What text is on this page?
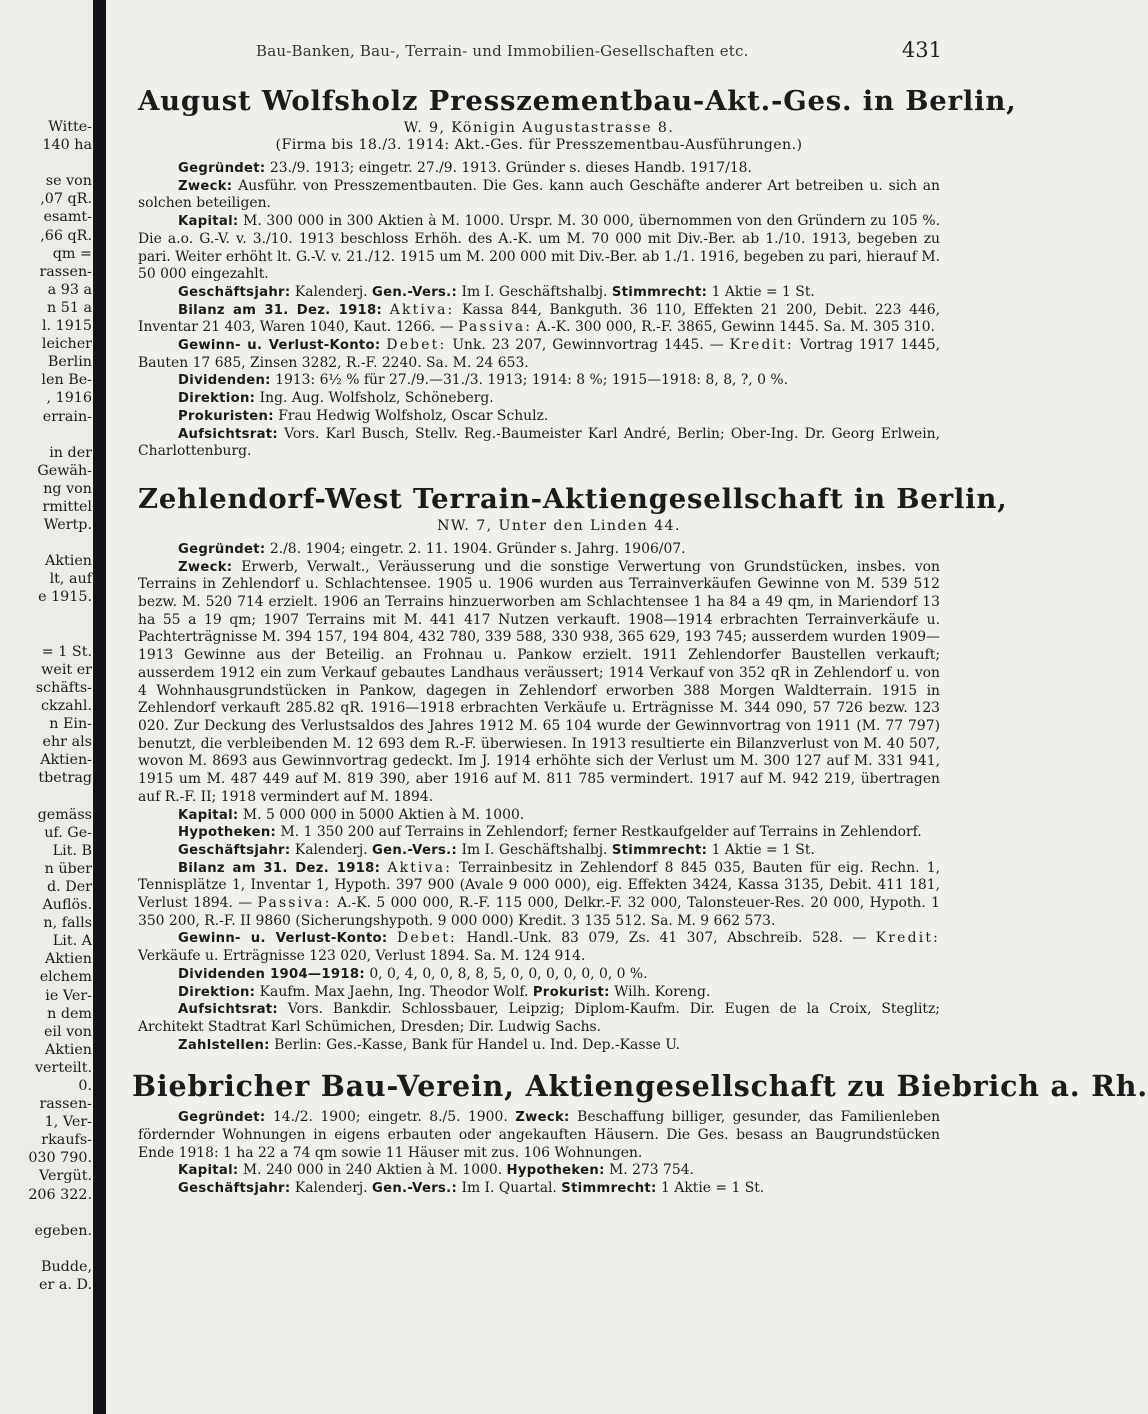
Witte-
140 ha
se von
,07 qR.
esamt-
,66 qR.
qm =
rassen-
a 93 a
n 51 a
l. 1915
leicher
Berlin
len Be-
, 1916
errain-
in der
Gewäh-
ng von
rmittel
Wertp.
Aktien
lt, auf
e 1915.
= 1 St.
weit er
schäfts-
ckzahl.
n Ein-
ehr als
Aktien-
tbetrag
gemäss
uf. Ge-
Lit. B
n über
d. Der
Auflös.
n, falls
Lit. A
Aktien
elchem
ie Ver-
n dem
eil von
Aktien
verteilt.
0.
rassen-
1, Ver-
rkaufs-
030 790.
Vergüt.
206 322.
egeben.
Budde,
er a. D.
Bau-Banken, Bau-, Terrain- und Immobilien-Gesellschaften etc.	431
August Wolfsholz Presszementbau-Akt.-Ges. in Berlin,

W. 9, Königin Augustastrasse 8.

(Firma bis 18./3. 1914: Akt.-Ges. für Presszementbau-Ausführungen.)

Gegründet: 23./9. 1913; eingetr. 27./9. 1913. Gründer s. dieses Handb. 1917/18.

Zweck: Ausführ. von Presszementbauten. Die Ges. kann auch Geschäfte anderer Art betreiben u. sich an solchen beteiligen.

Kapital: M. 300 000 in 300 Aktien à M. 1000. Urspr. M. 30 000, übernommen von den Gründern zu 105 %. Die a.o. G.-V. v. 3./10. 1913 beschloss Erhöh. des A.-K. um M. 70 000 mit Div.-Ber. ab 1./10. 1913, begeben zu pari. Weiter erhöht lt. G.-V. v. 21./12. 1915 um M. 200 000 mit Div.-Ber. ab 1./1. 1916, begeben zu pari, hierauf M. 50 000 eingezahlt.

Geschäftsjahr: Kalenderj. Gen.-Vers.: Im I. Geschäftshalbj. Stimmrecht: 1 Aktie = 1 St.

Bilanz am 31. Dez. 1918: Aktiva: Kassa 844, Bankguth. 36 110, Effekten 21 200, Debit. 223 446, Inventar 21 403, Waren 1040, Kaut. 1266. — Passiva: A.-K. 300 000, R.-F. 3865, Gewinn 1445. Sa. M. 305 310.

Gewinn- u. Verlust-Konto: Debet: Unk. 23 207, Gewinnvortrag 1445. — Kredit: Vortrag 1917 1445, Bauten 17 685, Zinsen 3282, R.-F. 2240. Sa. M. 24 653.

Dividenden: 1913: 6½ % für 27./9.—31./3. 1913; 1914: 8 %; 1915—1918: 8, 8, ?, 0 %.

Direktion: Ing. Aug. Wolfsholz, Schöneberg.

Prokuristen: Frau Hedwig Wolfsholz, Oscar Schulz.

Aufsichtsrat: Vors. Karl Busch, Stellv. Reg.-Baumeister Karl André, Berlin; Ober-Ing. Dr. Georg Erlwein, Charlottenburg.

Zehlendorf-West Terrain-Aktiengesellschaft in Berlin,

NW. 7, Unter den Linden 44.

Gegründet: 2./8. 1904; eingetr. 2. 11. 1904. Gründer s. Jahrg. 1906/07.

Zweck: Erwerb, Verwalt., Veräusserung und die sonstige Verwertung von Grundstücken, insbes. von Terrains in Zehlendorf u. Schlachtensee. 1905 u. 1906 wurden aus Terrainverkäufen Gewinne von M. 539 512 bezw. M. 520 714 erzielt. 1906 an Terrains hinzuerworben am Schlachtensee 1 ha 84 a 49 qm, in Mariendorf 13 ha 55 a 19 qm; 1907 Terrains mit M. 441 417 Nutzen verkauft. 1908—1914 erbrachten Terrainverkäufe u. Pachterträgnisse M. 394 157, 194 804, 432 780, 339 588, 330 938, 365 629, 193 745; ausserdem wurden 1909—1913 Gewinne aus der Beteilig. an Frohnau u. Pankow erzielt. 1911 Zehlendorfer Baustellen verkauft; ausserdem 1912 ein zum Verkauf gebautes Landhaus veräussert; 1914 Verkauf von 352 qR in Zehlendorf u. von 4 Wohnhausgrundstücken in Pankow, dagegen in Zehlendorf erworben 388 Morgen Waldterrain. 1915 in Zehlendorf verkauft 285.82 qR. 1916—1918 erbrachten Verkäufe u. Erträgnisse M. 344 090, 57 726 bezw. 123 020. Zur Deckung des Verlustsaldos des Jahres 1912 M. 65 104 wurde der Gewinnvortrag von 1911 (M. 77 797) benutzt, die verbleibenden M. 12 693 dem R.-F. überwiesen. In 1913 resultierte ein Bilanzverlust von M. 40 507, wovon M. 8693 aus Gewinnvortrag gedeckt. Im J. 1914 erhöhte sich der Verlust um M. 300 127 auf M. 331 941, 1915 um M. 487 449 auf M. 819 390, aber 1916 auf M. 811 785 vermindert. 1917 auf M. 942 219, übertragen auf R.-F. II; 1918 vermindert auf M. 1894.

Kapital: M. 5 000 000 in 5000 Aktien à M. 1000.

Hypotheken: M. 1 350 200 auf Terrains in Zehlendorf; ferner Restkaufgelder auf Terrains in Zehlendorf.

Geschäftsjahr: Kalenderj. Gen.-Vers.: Im I. Geschäftshalbj. Stimmrecht: 1 Aktie = 1 St.

Bilanz am 31. Dez. 1918: Aktiva: Terrainbesitz in Zehlendorf 8 845 035, Bauten für eig. Rechn. 1, Tennisplätze 1, Inventar 1, Hypoth. 397 900 (Avale 9 000 000), eig. Effekten 3424, Kassa 3135, Debit. 411 181, Verlust 1894. — Passiva: A.-K. 5 000 000, R.-F. 115 000, Delkr.-F. 32 000, Talonsteuer-Res. 20 000, Hypoth. 1 350 200, R.-F. II 9860 (Sicherungshypoth. 9 000 000) Kredit. 3 135 512. Sa. M. 9 662 573.

Gewinn- u. Verlust-Konto: Debet: Handl.-Unk. 83 079, Zs. 41 307, Abschreib. 528. — Kredit: Verkäufe u. Erträgnisse 123 020, Verlust 1894. Sa. M. 124 914.

Dividenden 1904—1918: 0, 0, 4, 0, 0, 8, 8, 5, 0, 0, 0, 0, 0, 0, 0 %.

Direktion: Kaufm. Max Jaehn, Ing. Theodor Wolf. Prokurist: Wilh. Koreng.

Aufsichtsrat: Vors. Bankdir. Schlossbauer, Leipzig; Diplom-Kaufm. Dir. Eugen de la Croix, Steglitz; Architekt Stadtrat Karl Schümichen, Dresden; Dir. Ludwig Sachs.

Zahlstellen: Berlin: Ges.-Kasse, Bank für Handel u. Ind. Dep.-Kasse U.

Biebricher Bau-Verein, Aktiengesellschaft zu Biebrich a. Rh.

Gegründet: 14./2. 1900; eingetr. 8./5. 1900. Zweck: Beschaffung billiger, gesunder, das Familienleben fördernder Wohnungen in eigens erbauten oder angekauften Häusern. Die Ges. besass an Baugrundstücken Ende 1918: 1 ha 22 a 74 qm sowie 11 Häuser mit zus. 106 Wohnungen.

Kapital: M. 240 000 in 240 Aktien à M. 1000. Hypotheken: M. 273 754.

Geschäftsjahr: Kalenderj. Gen.-Vers.: Im I. Quartal. Stimmrecht: 1 Aktie = 1 St.
